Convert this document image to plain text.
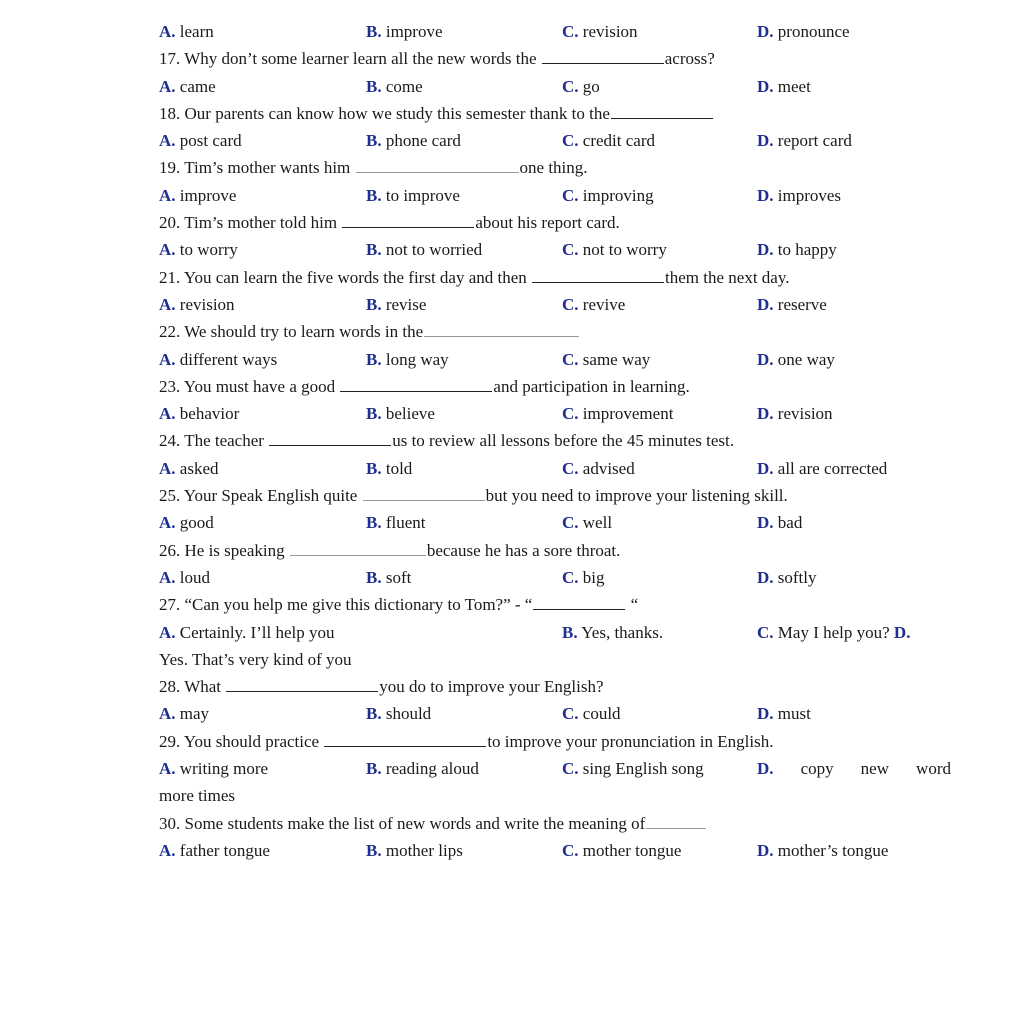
A. learn	B. improve	C. revision	D. pronounce
17. Why don’t some learner learn all the new words the	across?
A. came	B. come	C. go	D. meet
18. Our parents can know how we study this semester thank to the
A. post card	B. phone card	C. credit card	D. report card
19. Tim’s mother wants him	one thing.
A. improve	B. to improve	C. improving	D. improves
20. Tim’s mother told him	about his report card.
A. to worry	B. not to worried	C. not to worry	D. to happy
21. You can learn the five words the first day and then	them the next day.
A. revision	B. revise	C. revive	D. reserve
22. We should try to learn words in the
A. different ways	B. long way	C. same way	D. one way
23. You must have a good	and participation in learning.
A. behavior	B. believe	C. improvement	D. revision
24. The teacher	us to review all lessons before the 45 minutes test.
A. asked	B. told	C. advised	D. all are corrected
25. Your Speak English quite	but you need to improve your listening skill.
A. good	B. fluent	C. well	D. bad
26. He is speaking	because he has a sore throat.
A. loud	B. soft	C. big	D. softly
27. “Can you help me give this dictionary to Tom?” - “	“
A. Certainly. I’ll help you	B. Yes, thanks.	C. May I help you? D.
Yes. That’s very kind of you
28. What	you do to improve your English?
A. may	B. should	C. could	D. must
29. You should practice	to improve your pronunciation in English.
A. writing more	B. reading aloud	C. sing English song	D. copy new word
more times
30. Some students make the list of new words and write the meaning of
A. father tongue	B. mother lips	C. mother tongue	D. mother’s tongue
